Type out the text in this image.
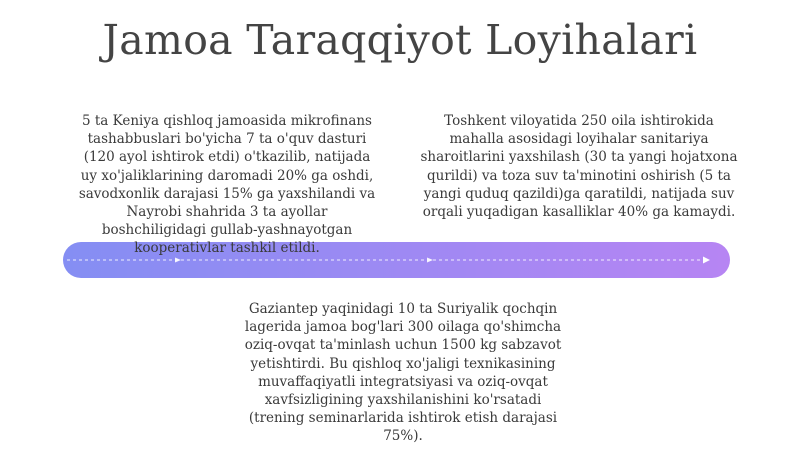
Jamoa Taraqqiyot Loyihalari
5 ta Keniya qishloq jamoasida mikrofinans tashabbuslari bo'yicha 7 ta o'quv dasturi (120 ayol ishtirok etdi) o'tkazilib, natijada uy xo'jaliklarining daromadi 20% ga oshdi, savodxonlik darajasi 15% ga yaxshilandi va Nayrobi shahrida 3 ta ayollar boshchiligidagi gullab-yashnayotgan kooperativlar tashkil etildi.
Toshkent viloyatida 250 oila ishtirokida mahalla asosidagi loyihalar sanitariya sharoitlarini yaxshilash (30 ta yangi hojatxona qurildi) va toza suv ta'minotini oshirish (5 ta yangi quduq qazildi)ga qaratildi, natijada suv orqali yuqadigan kasalliklar 40% ga kamaydi.
Gaziantep yaqinidagi 10 ta Suriyalik qochqin lagerida jamoa bog'lari 300 oilaga qo'shimcha oziq-ovqat ta'minlash uchun 1500 kg sabzavot yetishtirdi. Bu qishloq xo'jaligi texnikasining muvaffaqiyatli integratsiyasi va oziq-ovqat xavfsizligining yaxshilanishini ko'rsatadi (trening seminarlarida ishtirok etish darajasi 75%).
